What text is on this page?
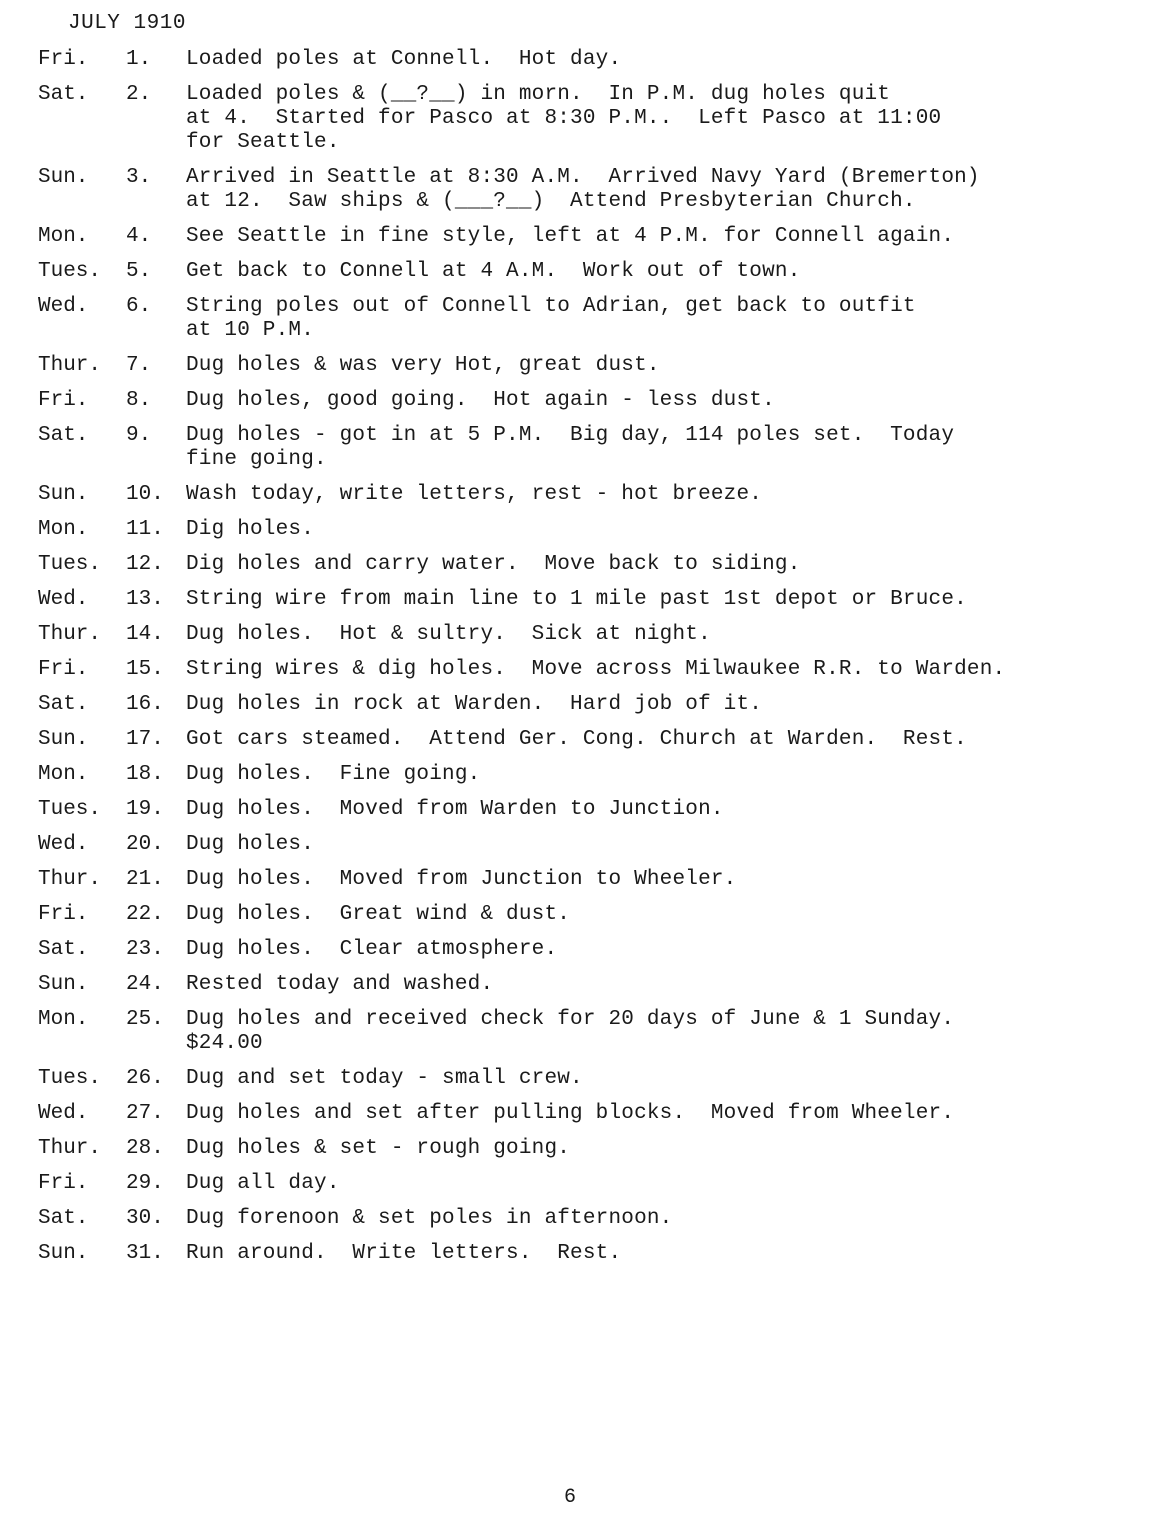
JULY 1910
Fri.	1.	Loaded poles at Connell.  Hot day.
Sat.	2.	Loaded poles & (__?__) in morn.  In P.M. dug holes quit
at 4.  Started for Pasco at 8:30 P.M..  Left Pasco at 11:00
for Seattle.
Sun.	3.	Arrived in Seattle at 8:30 A.M.  Arrived Navy Yard (Bremerton)
at 12.  Saw ships & (___?__)  Attend Presbyterian Church.
Mon.	4.	See Seattle in fine style, left at 4 P.M. for Connell again.
Tues.	5.	Get back to Connell at 4 A.M.  Work out of town.
Wed.	6.	String poles out of Connell to Adrian, get back to outfit
at 10 P.M.
Thur.	7.	Dug holes & was very Hot, great dust.
Fri.	8.	Dug holes, good going.  Hot again - less dust.
Sat.	9.	Dug holes - got in at 5 P.M.  Big day, 114 poles set.  Today
fine going.
Sun.	10.	Wash today, write letters, rest - hot breeze.
Mon.	11.	Dig holes.
Tues.	12.	Dig holes and carry water.  Move back to siding.
Wed.	13.	String wire from main line to 1 mile past 1st depot or Bruce.
Thur.	14.	Dug holes.  Hot & sultry.  Sick at night.
Fri.	15.	String wires & dig holes.  Move across Milwaukee R.R. to Warden.
Sat.	16.	Dug holes in rock at Warden.  Hard job of it.
Sun.	17.	Got cars steamed.  Attend Ger. Cong. Church at Warden.  Rest.
Mon.	18.	Dug holes.  Fine going.
Tues.	19.	Dug holes.  Moved from Warden to Junction.
Wed.	20.	Dug holes.
Thur.	21.	Dug holes.  Moved from Junction to Wheeler.
Fri.	22.	Dug holes.  Great wind & dust.
Sat.	23.	Dug holes.  Clear atmosphere.
Sun.	24.	Rested today and washed.
Mon.	25.	Dug holes and received check for 20 days of June & 1 Sunday.
$24.00
Tues.	26.	Dug and set today - small crew.
Wed.	27.	Dug holes and set after pulling blocks.  Moved from Wheeler.
Thur.	28.	Dug holes & set - rough going.
Fri.	29.	Dug all day.
Sat.	30.	Dug forenoon & set poles in afternoon.
Sun.	31.	Run around.  Write letters.  Rest.
6
